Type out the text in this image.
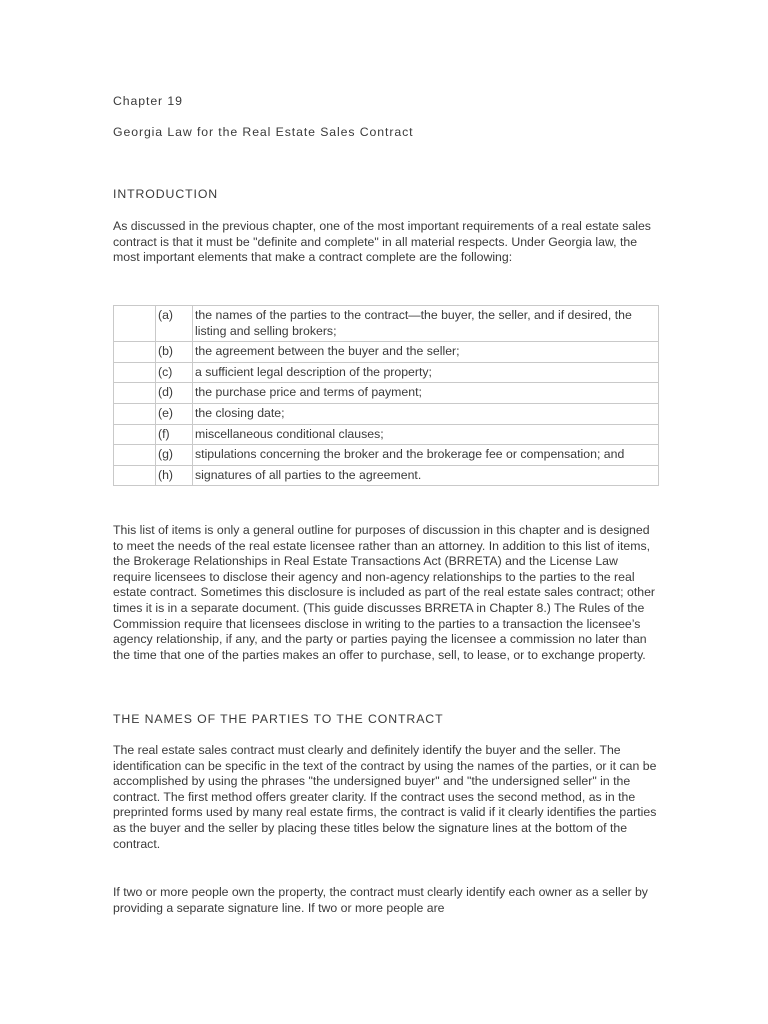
Chapter 19
Georgia Law for the Real Estate Sales Contract
INTRODUCTION

As discussed in the previous chapter, one of the most important requirements of a real estate sales contract is that it must be "definite and complete" in all material respects. Under Georgia law, the most important elements that make a contract complete are the following:

	(a)	the names of the parties to the contract—the buyer, the seller, and if desired, the listing and selling brokers;
	(b)	the agreement between the buyer and the seller;
	(c)	a sufficient legal description of the property;
	(d)	the purchase price and terms of payment;
	(e)	the closing date;
	(f)	miscellaneous conditional clauses;
	(g)	stipulations concerning the broker and the brokerage fee or compensation; and
	(h)	signatures of all parties to the agreement.

This list of items is only a general outline for purposes of discussion in this chapter and is designed to meet the needs of the real estate licensee rather than an attorney. In addition to this list of items, the Brokerage Relationships in Real Estate Transactions Act (BRRETA) and the License Law require licensees to disclose their agency and non-agency relationships to the parties to the real estate contract. Sometimes this disclosure is included as part of the real estate sales contract; other times it is in a separate document. (This guide discusses BRRETA in Chapter 8.) The Rules of the Commission require that licensees disclose in writing to the parties to a transaction the licensee’s agency relationship, if any, and the party or parties paying the licensee a commission no later than the time that one of the parties makes an offer to purchase, sell, to lease, or to exchange property.

THE NAMES OF THE PARTIES TO THE CONTRACT

The real estate sales contract must clearly and definitely identify the buyer and the seller. The identification can be specific in the text of the contract by using the names of the parties, or it can be accomplished by using the phrases "the undersigned buyer" and "the undersigned seller" in the contract. The first method offers greater clarity. If the contract uses the second method, as in the preprinted forms used by many real estate firms, the contract is valid if it clearly identifies the parties as the buyer and the seller by placing these titles below the signature lines at the bottom of the contract.

If two or more people own the property, the contract must clearly identify each owner as a seller by providing a separate signature line. If two or more people are
